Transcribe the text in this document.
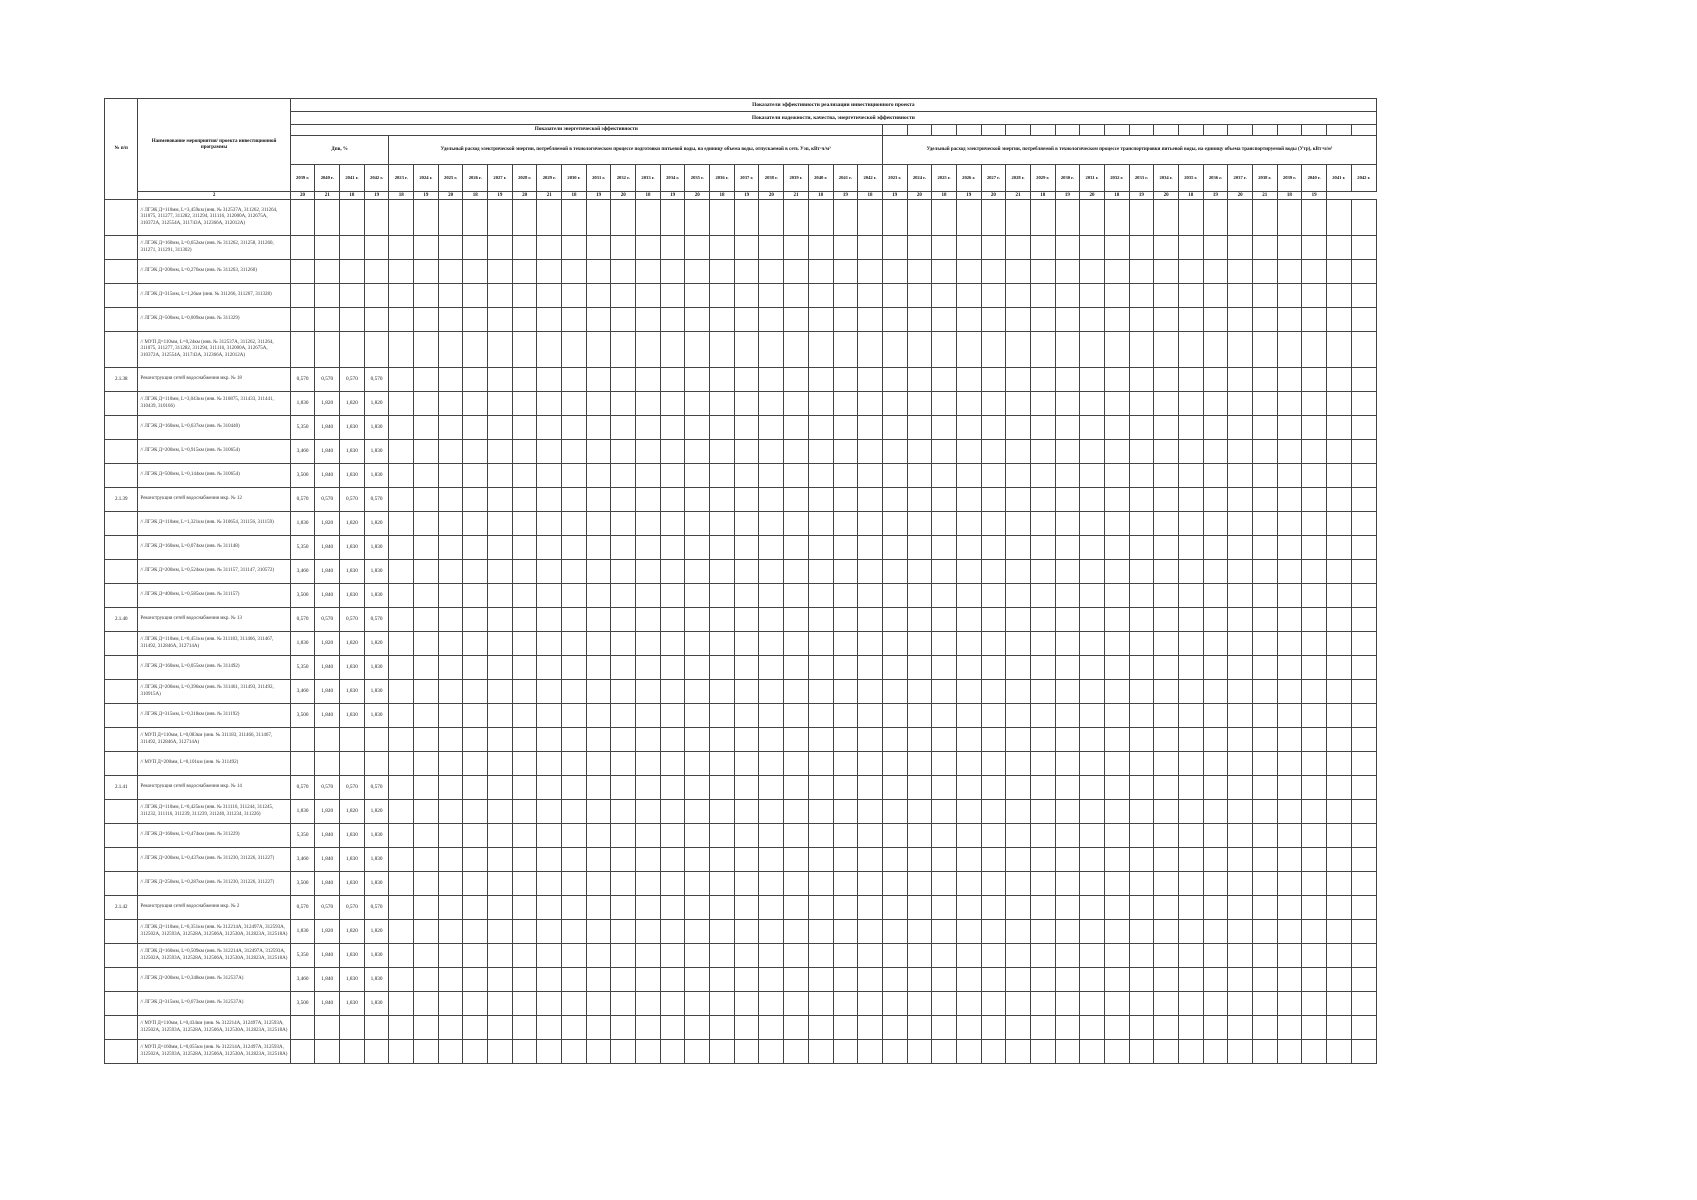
№ п/п	Наименование мероприятия/ проекта инвестиционной программы	Показатели эффективности реализации инвестиционного проекта																																											
		Показатели надежности, качества, энергетической эффективности																																											
		Показатели энергетической эффективности																																											
		Дпв, %				Удельный расход электрической энергии, потребляемой в технологическом процессе подготовки питьевой воды, на единицу объема воды, отпускаемой в сеть Уэп, кВт·ч/м³																				Удельный расход электрической энергии, потребляемой в технологическом процессе транспортировки питьевой воды, на единицу объема транспортируемой воды (Утр), кВт·ч/м³																			
		2039 г.	2040 г.	2041 г.	2042 г.	2023 г.	2024 г.	2025 г.	2026 г.	2027 г.	2028 г.	2029 г.	2030 г.	2031 г.	2032 г.	2033 г.	2034 г.	2035 г.	2036 г.	2037 г.	2038 г.	2039 г.	2040 г.	2041 г.	2042 г.	2023 г.	2024 г.	2025 г.	2026 г.	2027 г.	2028 г.	2029 г.	2030 г.	2031 г.	2032 г.	2033 г.	2034 г.	2035 г.	2036 г.	2037 г.	2038 г.	2039 г.	2040 г.	2041 г.	2042 г.
	2	20	21	18	19	18	19	20	18	19	20	21	18	19	20	18	19	20	18	19	20	21	18	19	18	19	20	18	19	20	21	18	19	20	18	19	20	18	19	20	21	18	19		
	// ЛГЭК Д=110мм, L=3,459км (инв. № 312537А, 311262, 311264, 311075, 311277, 311282, 311294, 311116, 312000А, 312675А, 310372А, 312554А, 311743А, 312366А, 312012А)																																												
	// ЛГЭК Д=160мм, L=0,652км (инв. № 311262, 311258, 311260, 311271, 311291, 311302)																																												
	// ЛГЭК Д=200мм, L=0,276км (инв. № 311263, 311260)																																												
	// ЛГЭК Д=315мм, L=1,26км (инв. № 311266, 311267, 311328)																																												
	// ЛГЭК Д=500мм, L=0,009км (инв. № 311329)																																												
	// МУП Д=110мм, L=0,24км (инв. № 312537А, 311262, 311264, 311075, 311277, 311282, 311294, 311116, 312000А, 312675А, 310372А, 312554А, 311743А, 312366А, 312012А)																																												
2.1.38	Реконструкция сетей водоснабжения мкр. № 18	0,570	0,570	0,570	0,570																																								
	// ЛГЭК Д=110мм, L=3,043км (инв. № 310875, 311433, 311441, 310439, 310166)	1,830	1,820	1,820	1,820																																								
	// ЛГЭК Д=160мм, L=0,637км (инв. № 310440)	5,350	1,840	1,830	1,830																																								
	// ЛГЭК Д=200мм, L=0,915км (инв. № 310654)	3,460	1,840	1,830	1,830																																								
	// ЛГЭК Д=500мм, L=0,144км (инв. № 310654)	3,500	1,840	1,830	1,830																																								
2.1.39	Реконструкция сетей водоснабжения мкр. № 12	0,570	0,570	0,570	0,570																																								
	// ЛГЭК Д=110мм, L=1,321км (инв. № 310654, 311156, 311159)	1,830	1,820	1,820	1,820																																								
	// ЛГЭК Д=160мм, L=0,074км (инв. № 311148)	5,350	1,840	1,830	1,830																																								
	// ЛГЭК Д=200мм, L=0,524км (инв. № 311157, 311147, 310572)	3,460	1,840	1,830	1,830																																								
	// ЛГЭК Д=400мм, L=0,585км (инв. № 311157)	3,500	1,840	1,830	1,830																																								
2.1.40	Реконструкция сетей водоснабжения мкр. № 13	0,570	0,570	0,570	0,570																																								
	// ЛГЭК Д=110мм, L=0,451км (инв. № 311183, 311466, 311467, 311492, 312846А, 312714А)	1,830	1,820	1,820	1,820																																								
	// ЛГЭК Д=160мм, L=0,055км (инв. № 311492)	5,350	1,840	1,830	1,830																																								
	// ЛГЭК Д=200мм, L=0,396км (инв. № 311461, 311493, 311492, 310915А)	3,460	1,840	1,830	1,830																																								
	// ЛГЭК Д=315мм, L=0,318км (инв. № 311192)	3,500	1,840	1,830	1,830																																								
	// МУП Д=110мм, L=0,083км (инв. № 311183, 311466, 311467, 311492, 312846А, 312714А)																																												
	// МУП Д=200мм, L=0,101км (инв. № 311492)																																												
2.1.41	Реконструкция сетей водоснабжения мкр. № 14	0,570	0,570	0,570	0,570																																								
	// ЛГЭК Д=110мм, L=0,425км (инв. № 311116, 311244, 311245, 311232, 311116, 311239, 311239, 311240, 311234, 311226)	1,830	1,820	1,820	1,820																																								
	// ЛГЭК Д=160мм, L=0,474км (инв. № 311229)	5,350	1,840	1,830	1,830																																								
	// ЛГЭК Д=200мм, L=0,437км (инв. № 311230, 311226, 311227)	3,460	1,840	1,830	1,830																																								
	// ЛГЭК Д=250мм, L=0,287км (инв. № 311230, 311226, 311227)	3,500	1,840	1,830	1,830																																								
2.1.42	Реконструкция сетей водоснабжения мкр. № 2	0,570	0,570	0,570	0,570																																								
	// ЛГЭК Д=110мм, L=0,351км (инв. № 312214А, 312497А, 312593А, 312502А, 312593А, 312528А, 312506А, 312530А, 312823А, 312518А)	1,830	1,820	1,820	1,820																																								
	// ЛГЭК Д=160мм, L=0,509км (инв. № 312214А, 312497А, 312593А, 312502А, 312593А, 312528А, 312506А, 312530А, 312823А, 312518А)	5,350	1,840	1,830	1,830																																								
	// ЛГЭК Д=200мм, L=0,348км (инв. № 312537А)	3,460	1,840	1,830	1,830																																								
	// ЛГЭК Д=315мм, L=0,673км (инв. № 312537А)	3,500	1,840	1,830	1,830																																								
	// МУП Д=110мм, L=0,434км (инв. № 312214А, 312497А, 312593А, 312502А, 312593А, 312528А, 312506А, 312530А, 312823А, 312518А)																																												
	// МУП Д=160мм, L=0,055км (инв. № 312214А, 312497А, 312593А, 312502А, 312593А, 312528А, 312506А, 312530А, 312823А, 312518А)																																												
